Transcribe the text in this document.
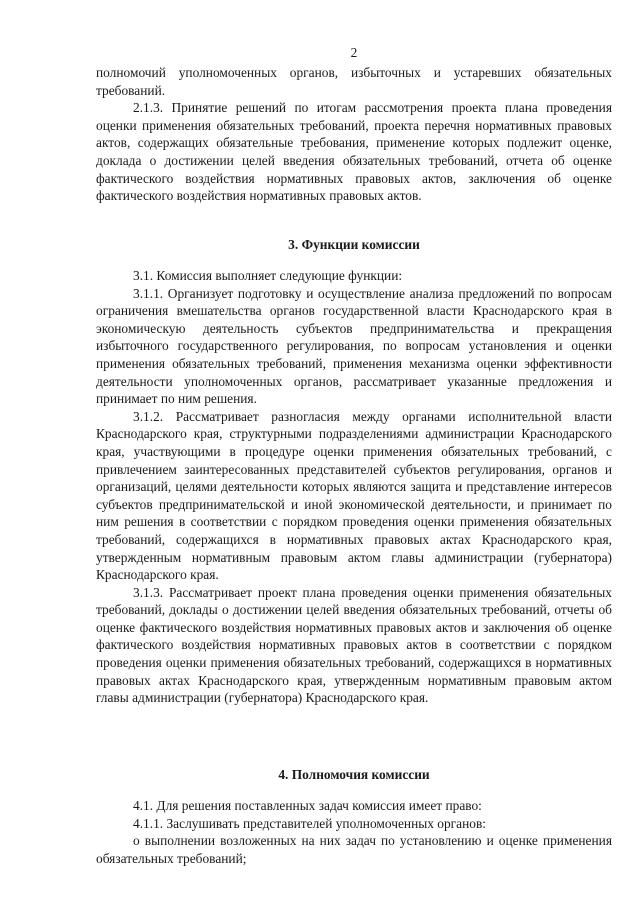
2

полномочий уполномоченных органов, избыточных и устаревших обязательных требований.

2.1.3. Принятие решений по итогам рассмотрения проекта плана проведения оценки применения обязательных требований, проекта перечня нормативных правовых актов, содержащих обязательные требования, применение которых подлежит оценке, доклада о достижении целей введения обязательных требований, отчета об оценке фактического воздействия нормативных правовых актов, заключения об оценке фактического воздействия нормативных правовых актов.

3. Функции комиссии

3.1. Комиссия выполняет следующие функции:

3.1.1. Организует подготовку и осуществление анализа предложений по вопросам ограничения вмешательства органов государственной власти Краснодарского края в экономическую деятельность субъектов предпринимательства и прекращения избыточного государственного регулирования, по вопросам установления и оценки применения обязательных требований, применения механизма оценки эффективности деятельности уполномоченных органов, рассматривает указанные предложения и принимает по ним решения.

3.1.2. Рассматривает разногласия между органами исполнительной власти Краснодарского края, структурными подразделениями администрации Краснодарского края, участвующими в процедуре оценки применения обязательных требований, с привлечением заинтересованных представителей субъектов регулирования, органов и организаций, целями деятельности которых являются защита и представление интересов субъектов предпринимательской и иной экономической деятельности, и принимает по ним решения в соответствии с порядком проведения оценки применения обязательных требований, содержащихся в нормативных правовых актах Краснодарского края, утвержденным нормативным правовым актом главы администрации (губернатора) Краснодарского края.

3.1.3. Рассматривает проект плана проведения оценки применения обязательных требований, доклады о достижении целей введения обязательных требований, отчеты об оценке фактического воздействия нормативных правовых актов и заключения об оценке фактического воздействия нормативных правовых актов в соответствии с порядком проведения оценки применения обязательных требований, содержащихся в нормативных правовых актах Краснодарского края, утвержденным нормативным правовым актом главы администрации (губернатора) Краснодарского края.

4. Полномочия комиссии

4.1. Для решения поставленных задач комиссия имеет право:

4.1.1. Заслушивать представителей уполномоченных органов:

о выполнении возложенных на них задач по установлению и оценке применения обязательных требований;
